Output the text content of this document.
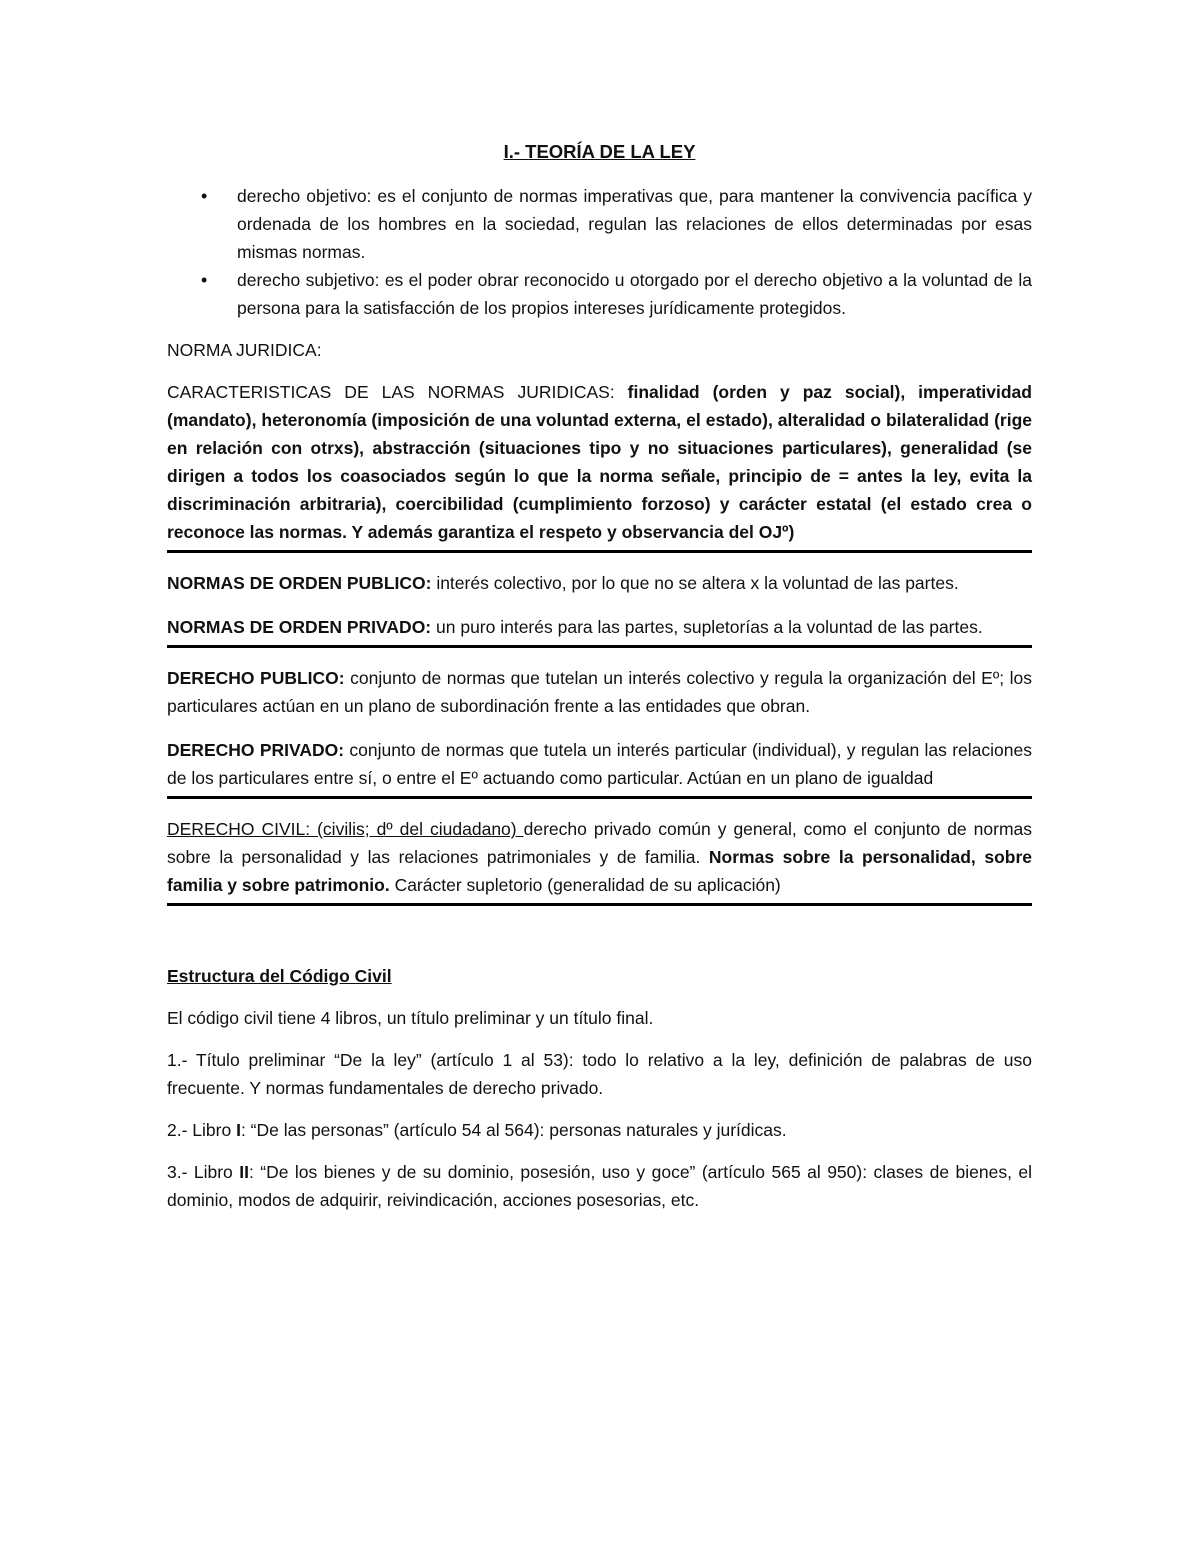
I.- TEORÍA DE LA LEY
• derecho objetivo: es el conjunto de normas imperativas que, para mantener la convivencia pacífica y ordenada de los hombres en la sociedad, regulan las relaciones de ellos determinadas por esas mismas normas.
• derecho subjetivo: es el poder obrar reconocido u otorgado por el derecho objetivo a la voluntad de la persona para la satisfacción de los propios intereses jurídicamente protegidos.

NORMA JURIDICA:

CARACTERISTICAS DE LAS NORMAS JURIDICAS: finalidad (orden y paz social), imperatividad (mandato), heteronomía (imposición de una voluntad externa, el estado), alteralidad o bilateralidad (rige en relación con otrxs), abstracción (situaciones tipo y no situaciones particulares), generalidad (se dirigen a todos los coasociados según lo que la norma señale, principio de = antes la ley, evita la discriminación arbitraria), coercibilidad (cumplimiento forzoso) y carácter estatal (el estado crea o reconoce las normas. Y además garantiza el respeto y observancia del OJº)

NORMAS DE ORDEN PUBLICO: interés colectivo, por lo que no se altera x la voluntad de las partes.

NORMAS DE ORDEN PRIVADO: un puro interés para las partes, supletorías a la voluntad de las partes.

DERECHO PUBLICO: conjunto de normas que tutelan un interés colectivo y regula la organización del Eº; los particulares actúan en un plano de subordinación frente a las entidades que obran.

DERECHO PRIVADO: conjunto de normas que tutela un interés particular (individual), y regulan las relaciones de los particulares entre sí, o entre el Eº actuando como particular. Actúan en un plano de igualdad

DERECHO CIVIL: (civilis; dº del ciudadano) derecho privado común y general, como el conjunto de normas sobre la personalidad y las relaciones patrimoniales y de familia. Normas sobre la personalidad, sobre familia y sobre patrimonio. Carácter supletorio (generalidad de su aplicación)

Estructura del Código Civil

El código civil tiene 4 libros, un título preliminar y un título final.

1.- Título preliminar “De la ley” (artículo 1 al 53): todo lo relativo a la ley, definición de palabras de uso frecuente. Y normas fundamentales de derecho privado.

2.- Libro I: “De las personas” (artículo 54 al 564): personas naturales y jurídicas.

3.- Libro II: “De los bienes y de su dominio, posesión, uso y goce” (artículo 565 al 950): clases de bienes, el dominio, modos de adquirir, reivindicación, acciones posesorias, etc.
